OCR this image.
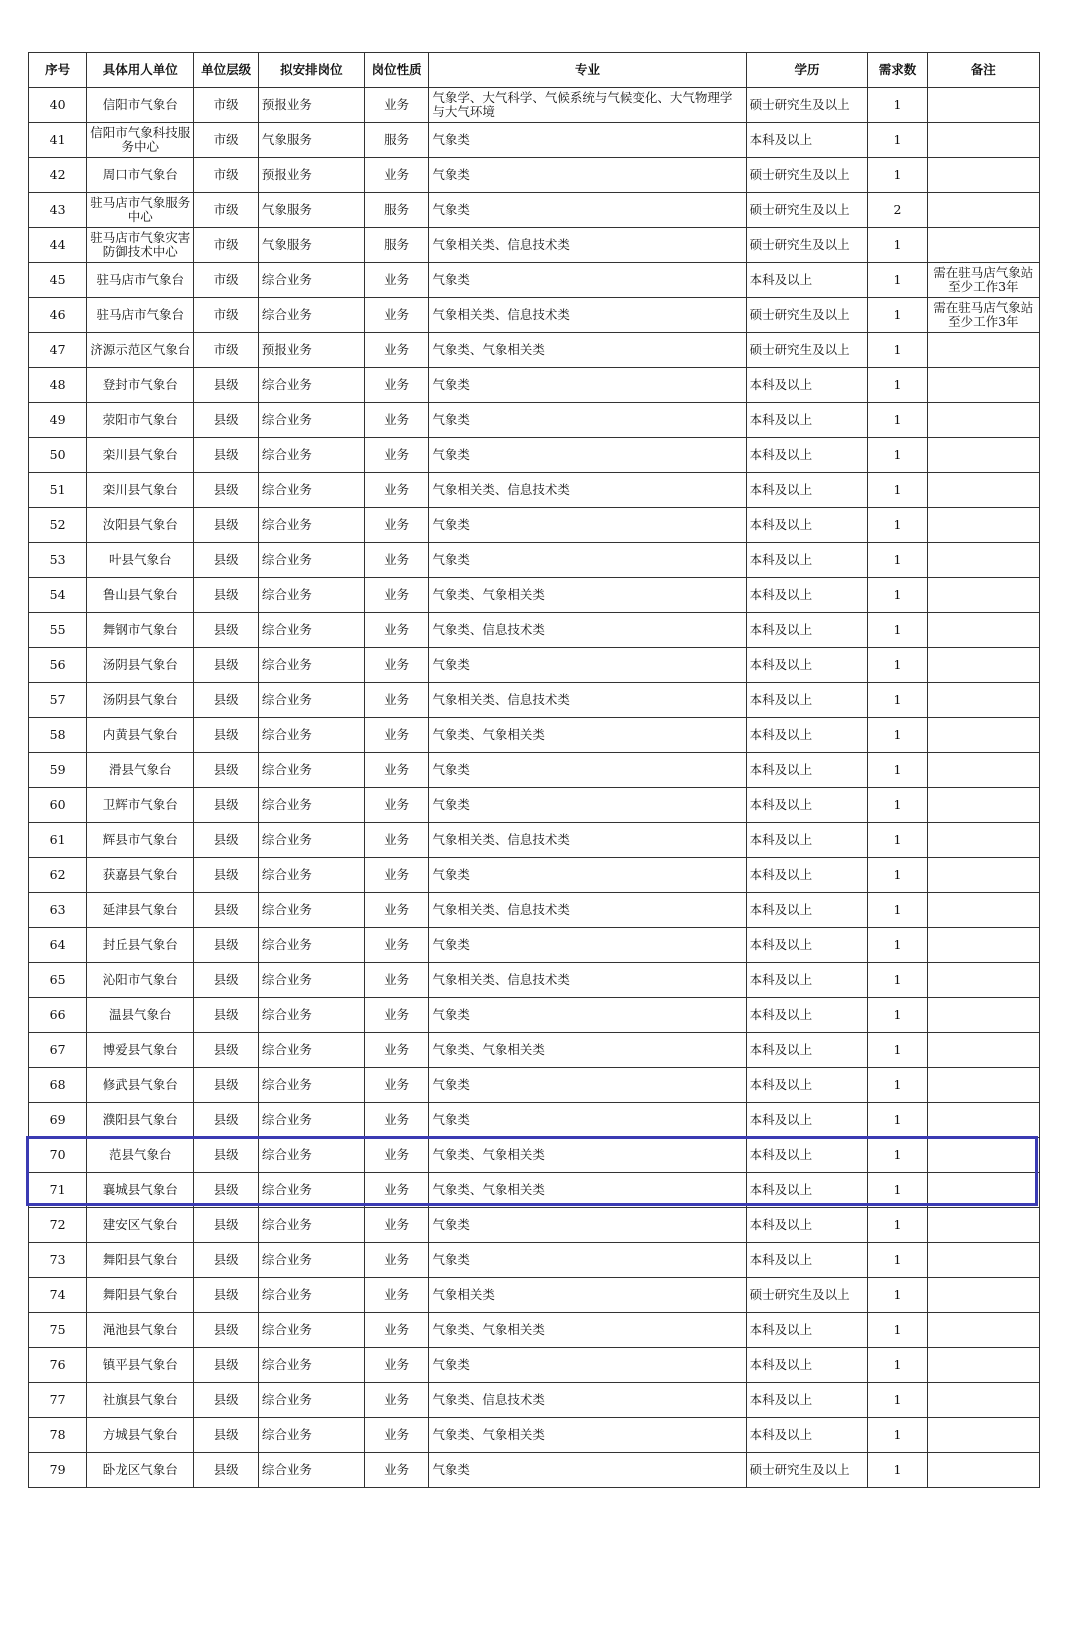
序号	具体用人单位	单位层级	拟安排岗位	岗位性质	专业	学历	需求数	备注
40	信阳市气象台	市级	预报业务	业务	气象学、大气科学、气候系统与气候变化、大气物理学与大气环境	硕士研究生及以上	1	
41	信阳市气象科技服务中心	市级	气象服务	服务	气象类	本科及以上	1	
42	周口市气象台	市级	预报业务	业务	气象类	硕士研究生及以上	1	
43	驻马店市气象服务中心	市级	气象服务	服务	气象类	硕士研究生及以上	2	
44	驻马店市气象灾害防御技术中心	市级	气象服务	服务	气象相关类、信息技术类	硕士研究生及以上	1	
45	驻马店市气象台	市级	综合业务	业务	气象类	本科及以上	1	需在驻马店气象站至少工作3年
46	驻马店市气象台	市级	综合业务	业务	气象相关类、信息技术类	硕士研究生及以上	1	需在驻马店气象站至少工作3年
47	济源示范区气象台	市级	预报业务	业务	气象类、气象相关类	硕士研究生及以上	1	
48	登封市气象台	县级	综合业务	业务	气象类	本科及以上	1	
49	荥阳市气象台	县级	综合业务	业务	气象类	本科及以上	1	
50	栾川县气象台	县级	综合业务	业务	气象类	本科及以上	1	
51	栾川县气象台	县级	综合业务	业务	气象相关类、信息技术类	本科及以上	1	
52	汝阳县气象台	县级	综合业务	业务	气象类	本科及以上	1	
53	叶县气象台	县级	综合业务	业务	气象类	本科及以上	1	
54	鲁山县气象台	县级	综合业务	业务	气象类、气象相关类	本科及以上	1	
55	舞钢市气象台	县级	综合业务	业务	气象类、信息技术类	本科及以上	1	
56	汤阴县气象台	县级	综合业务	业务	气象类	本科及以上	1	
57	汤阴县气象台	县级	综合业务	业务	气象相关类、信息技术类	本科及以上	1	
58	内黄县气象台	县级	综合业务	业务	气象类、气象相关类	本科及以上	1	
59	滑县气象台	县级	综合业务	业务	气象类	本科及以上	1	
60	卫辉市气象台	县级	综合业务	业务	气象类	本科及以上	1	
61	辉县市气象台	县级	综合业务	业务	气象相关类、信息技术类	本科及以上	1	
62	获嘉县气象台	县级	综合业务	业务	气象类	本科及以上	1	
63	延津县气象台	县级	综合业务	业务	气象相关类、信息技术类	本科及以上	1	
64	封丘县气象台	县级	综合业务	业务	气象类	本科及以上	1	
65	沁阳市气象台	县级	综合业务	业务	气象相关类、信息技术类	本科及以上	1	
66	温县气象台	县级	综合业务	业务	气象类	本科及以上	1	
67	博爱县气象台	县级	综合业务	业务	气象类、气象相关类	本科及以上	1	
68	修武县气象台	县级	综合业务	业务	气象类	本科及以上	1	
69	濮阳县气象台	县级	综合业务	业务	气象类	本科及以上	1	
70	范县气象台	县级	综合业务	业务	气象类、气象相关类	本科及以上	1	
71	襄城县气象台	县级	综合业务	业务	气象类、气象相关类	本科及以上	1	
72	建安区气象台	县级	综合业务	业务	气象类	本科及以上	1	
73	舞阳县气象台	县级	综合业务	业务	气象类	本科及以上	1	
74	舞阳县气象台	县级	综合业务	业务	气象相关类	硕士研究生及以上	1	
75	渑池县气象台	县级	综合业务	业务	气象类、气象相关类	本科及以上	1	
76	镇平县气象台	县级	综合业务	业务	气象类	本科及以上	1	
77	社旗县气象台	县级	综合业务	业务	气象类、信息技术类	本科及以上	1	
78	方城县气象台	县级	综合业务	业务	气象类、气象相关类	本科及以上	1	
79	卧龙区气象台	县级	综合业务	业务	气象类	硕士研究生及以上	1	
